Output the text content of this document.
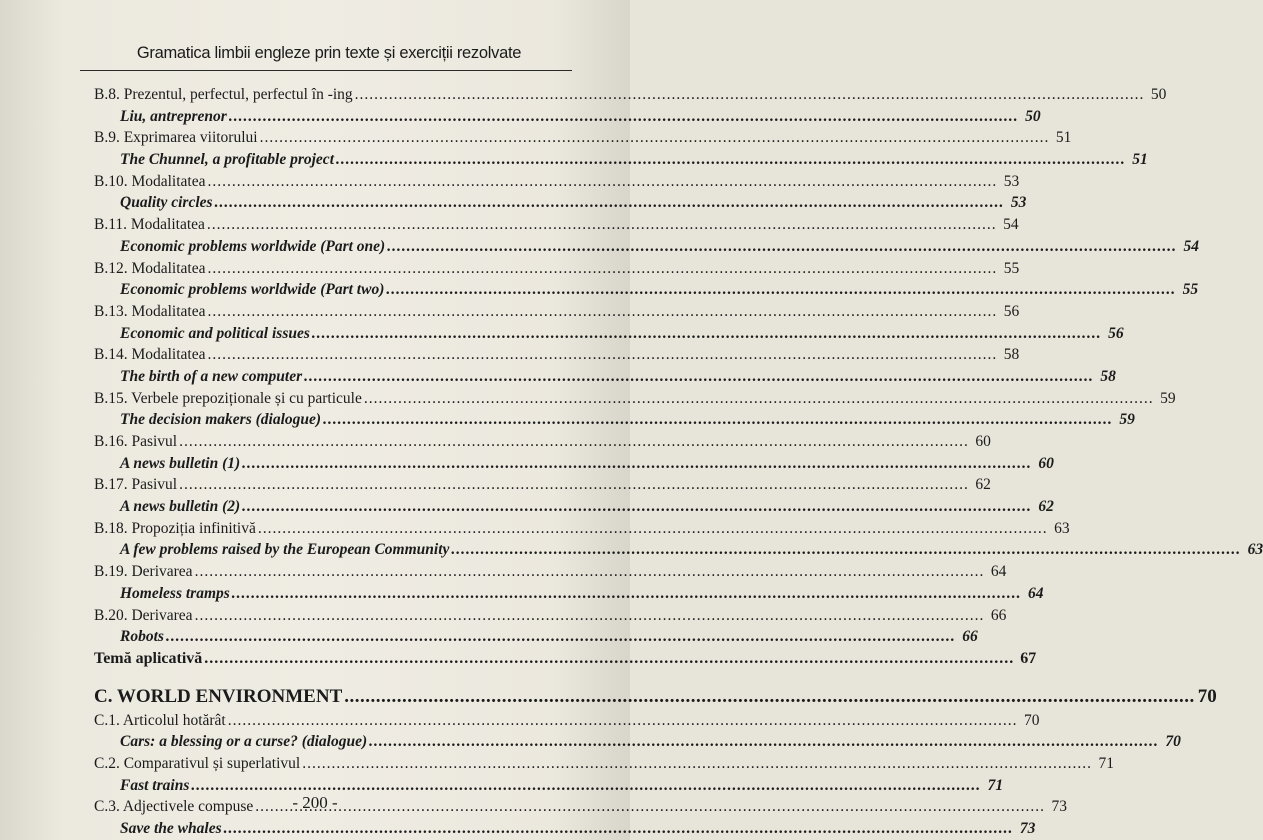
Gramatica limbii engleze prin texte și exerciții rezolvate
B.8. Prezentul, perfectul, perfectul în -ing .....	50
Liu, antreprenor .....	50
B.9. Exprimarea viitorului .....	51
The Chunnel, a profitable project .....	51
B.10. Modalitatea .....	53
Quality circles .....	53
B.11. Modalitatea .....	54
Economic problems worldwide (Part one) .....	54
B.12. Modalitatea .....	55
Economic problems worldwide (Part two) .....	55
B.13. Modalitatea .....	56
Economic and political issues .....	56
B.14. Modalitatea .....	58
The birth of a new computer .....	58
B.15. Verbele prepoziționale și cu particule .....	59
The decision makers (dialogue) .....	59
B.16. Pasivul .....	60
A news bulletin (1) .....	60
B.17. Pasivul .....	62
A news bulletin (2) .....	62
B.18. Propoziția infinitivă .....	63
A few problems raised by the European Community .....	63
B.19. Derivarea .....	64
Homeless tramps .....	64
B.20. Derivarea .....	66
Robots .....	66
Temă aplicativă .....	67
C. WORLD ENVIRONMENT .....	70
C.1. Articolul hotărât .....	70
Cars: a blessing or a curse? (dialogue) .....	70
C.2. Comparativul și superlativul .....	71
Fast trains .....	71
C.3. Adjectivele compuse .....	73
Save the whales .....	73
- 200 -
